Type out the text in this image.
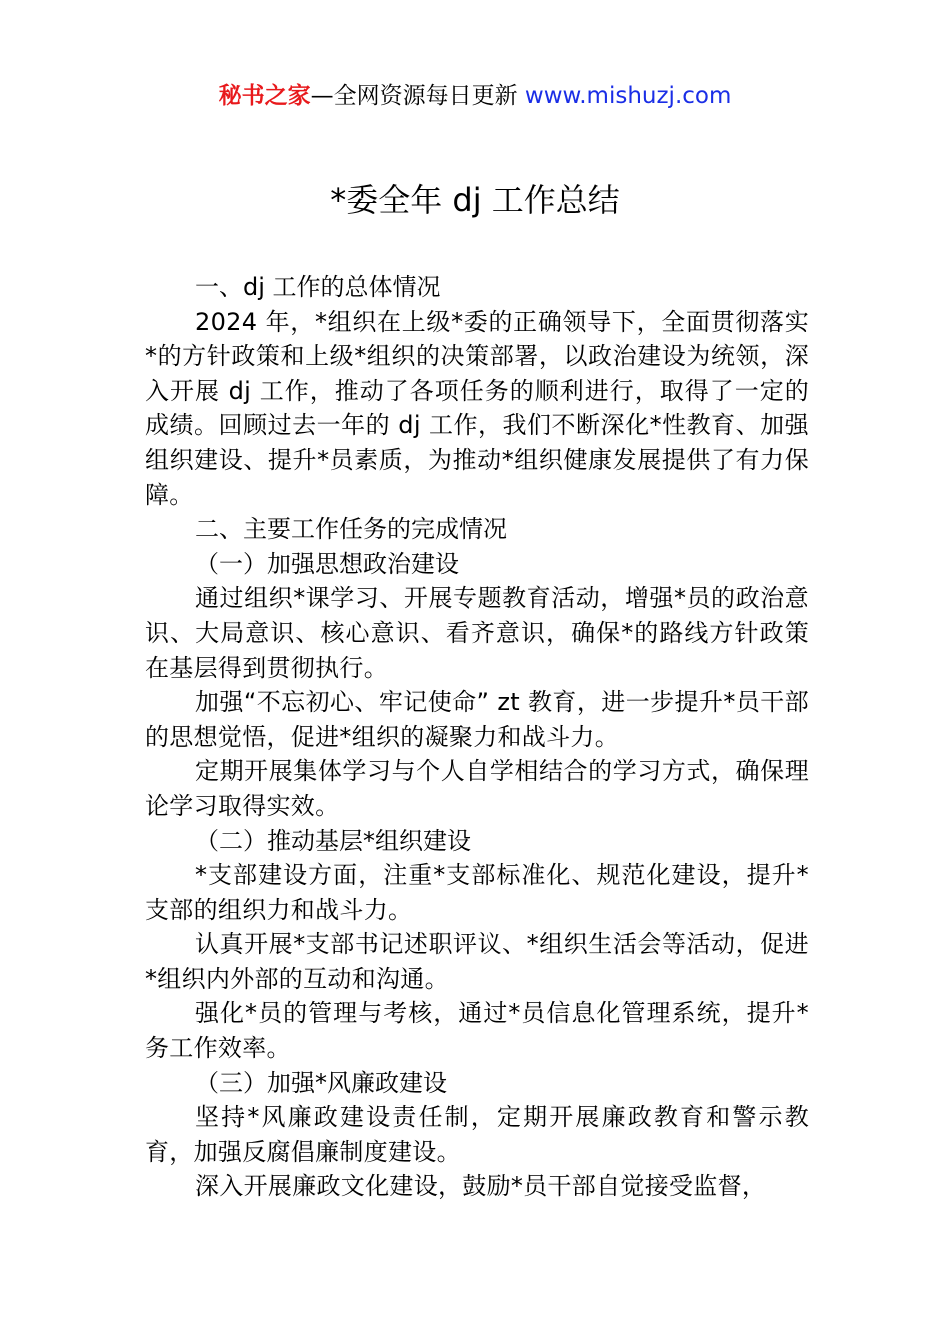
秘书之家—全网资源每日更新 www.mishuzj.com
*委全年 dj 工作总结

一、dj 工作的总体情况

2024 年，*组织在上级*委的正确领导下，全面贯彻落实*的方针政策和上级*组织的决策部署，以政治建设为统领，深入开展 dj 工作，推动了各项任务的顺利进行，取得了一定的成绩。回顾过去一年的 dj 工作，我们不断深化*性教育、加强组织建设、提升*员素质，为推动*组织健康发展提供了有力保障。

二、主要工作任务的完成情况

（一）加强思想政治建设

通过组织*课学习、开展专题教育活动，增强*员的政治意识、大局意识、核心意识、看齐意识，确保*的路线方针政策在基层得到贯彻执行。

加强“不忘初心、牢记使命” zt 教育，进一步提升*员干部的思想觉悟，促进*组织的凝聚力和战斗力。

定期开展集体学习与个人自学相结合的学习方式，确保理论学习取得实效。

（二）推动基层*组织建设

*支部建设方面，注重*支部标准化、规范化建设，提升*支部的组织力和战斗力。

认真开展*支部书记述职评议、*组织生活会等活动，促进*组织内外部的互动和沟通。

强化*员的管理与考核，通过*员信息化管理系统，提升*务工作效率。

（三）加强*风廉政建设

坚持*风廉政建设责任制，定期开展廉政教育和警示教育，加强反腐倡廉制度建设。

深入开展廉政文化建设，鼓励*员干部自觉接受监督，
